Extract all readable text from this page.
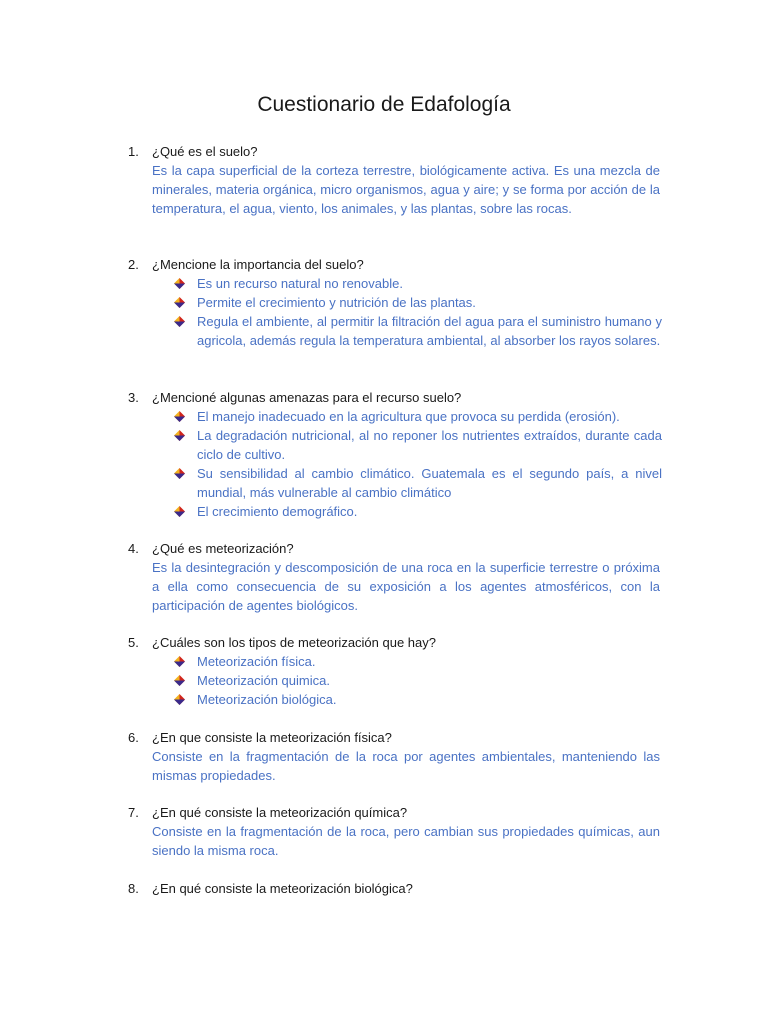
Cuestionario de Edafología
1.	¿Qué es el suelo?
Es la capa superficial de la corteza terrestre, biológicamente activa. Es una mezcla de minerales, materia orgánica, micro organismos, agua y aire; y se forma por acción de la temperatura, el agua, viento, los animales, y las plantas, sobre las rocas.
2.	¿Mencione la importancia del suelo?
Es un recurso natural no renovable.
Permite el crecimiento y nutrición de las plantas.
Regula el ambiente, al permitir la filtración del agua para el suministro humano y agricola, además regula la temperatura ambiental, al absorber los rayos solares.
3.	¿Mencioné algunas amenazas para el recurso suelo?
El manejo inadecuado en la agricultura que provoca su perdida (erosión).
La degradación nutricional, al no reponer los nutrientes extraídos, durante cada ciclo de cultivo.
Su sensibilidad al cambio climático. Guatemala es el segundo país, a nivel mundial, más vulnerable al cambio climático
El crecimiento demográfico.
4.	¿Qué es meteorización?
Es la desintegración y descomposición de una roca en la superficie terrestre o próxima a ella como consecuencia de su exposición a los agentes atmosféricos, con la participación de agentes biológicos.
5.	¿Cuáles son los tipos de meteorización que hay?
Meteorización física.
Meteorización quimica.
Meteorización biológica.
6.	¿En que consiste la meteorización física?
Consiste en la fragmentación de la roca por agentes ambientales, manteniendo las mismas propiedades.
7.	¿En qué consiste la meteorización química?
Consiste en la fragmentación de la roca, pero cambian sus propiedades químicas, aun siendo la misma roca.
8.	¿En qué consiste la meteorización biológica?
